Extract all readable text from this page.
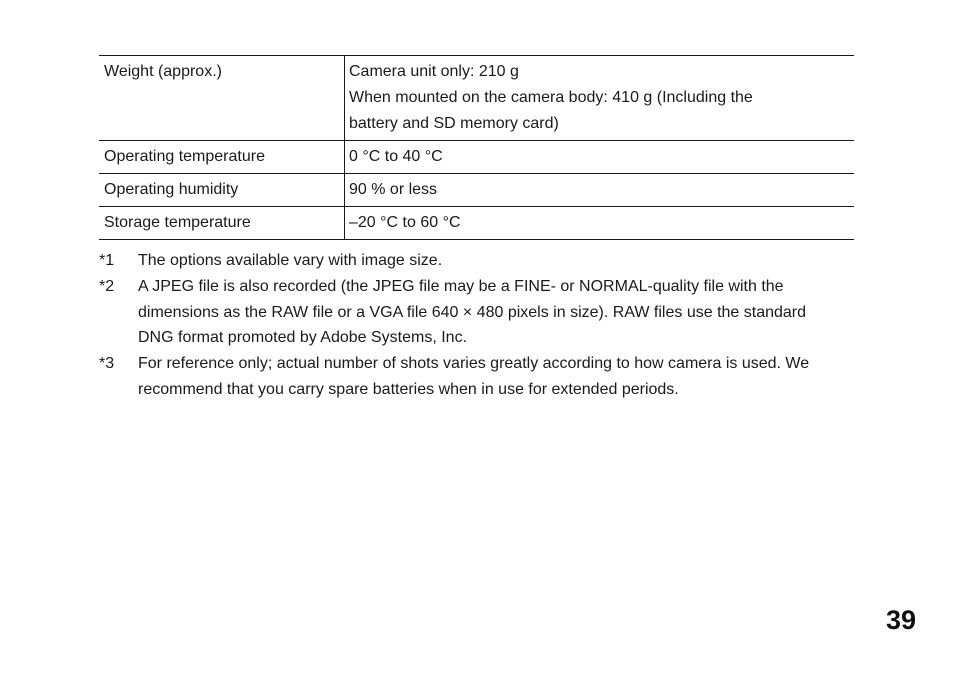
Weight (approx.)	Camera unit only: 210 g
When mounted on the camera body: 410 g (Including the
battery and SD memory card)

Operating temperature	0 °C to 40 °C

Operating humidity	90 % or less

Storage temperature	–20 °C to 60 °C
*1	The options available vary with image size.
*2	A JPEG file is also recorded (the JPEG file may be a FINE- or NORMAL-quality file with the dimensions as the RAW file or a VGA file 640 × 480 pixels in size). RAW files use the standard DNG format promoted by Adobe Systems, Inc.
*3	For reference only; actual number of shots varies greatly according to how camera is used. We recommend that you carry spare batteries when in use for extended periods.
39
